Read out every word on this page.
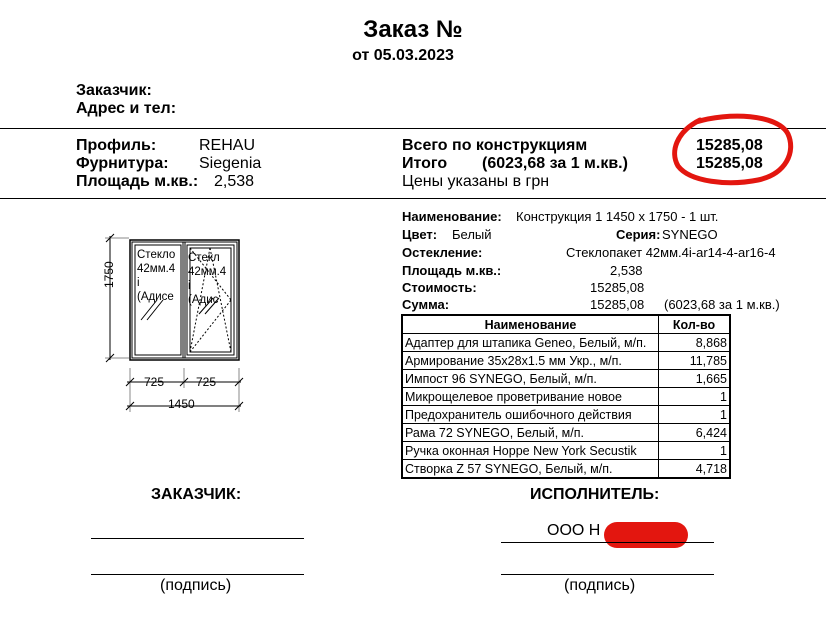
Заказ №
от 05.03.2023
Заказчик:
Адрес и тел:
Профиль:	REHAU
Фурнитура: Siegenia
Площадь м.кв.: 2,538
Всего по конструкциям	15285,08
Итого (6023,68 за 1 м.кв.)	15285,08
Цены указаны в грн
Наименование: Конструкция 1 1450 х 1750 - 1 шт.
Цвет: Белый	Серия: SYNEGO
Остекление:	Стеклопакет 42мм.4i-ar14-4-ar16-4
Площадь м.кв.:	2,538
Стоимость:	15285,08
Сумма:	15285,08 (6023,68 за 1 м.кв.)
1750
725	725
1450
Стекло
42мм.4
i
(Адисе
Стекл
42мм.4
i
(Адис
Наименование	Кол-во

Адаптер для штапика Geneo, Белый, м/п.	8,868

Армирование 35х28х1.5 мм Укр., м/п.	11,785

Импост 96 SYNEGO, Белый, м/п.	1,665

Микрощелевое проветривание новое	1

Предохранитель ошибочного действия	1

Рама 72 SYNEGO, Белый, м/п.	6,424

Ручка оконная Hoppe New York Secustik	1

Створка Z 57 SYNEGO, Белый, м/п.	4,718
ЗАКАЗЧИК:	ИСПОЛНИТЕЛЬ:
ООО Н
(подпись)	(подпись)
